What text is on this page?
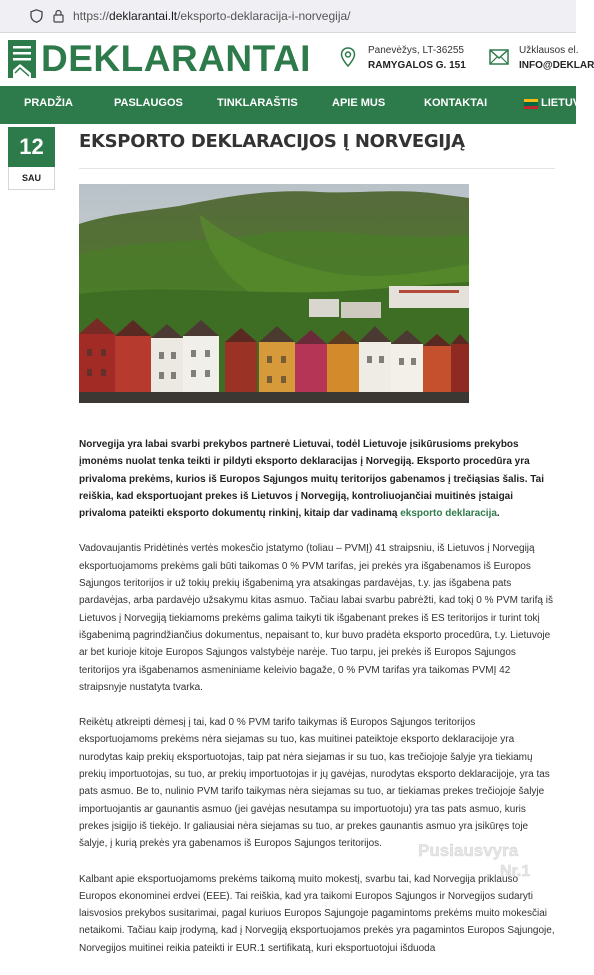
https://deklarantai.lt/eksporto-deklaracija-i-norvegija/
DEKLARANTAI	Panevėžys, LT-36255
RAMYGALOS G. 151
Užklausos el.
INFO@DEKLAR
PRADŽIA	PASLAUGOS	TINKLARAŠTIS	APIE MUS	KONTAKTAI	LIETUV
12
SAU
EKSPORTO DEKLARACIJOS Į NORVEGIJĄ

Norvegija yra labai svarbi prekybos partnerė Lietuvai, todėl Lietuvoje įsikūrusioms prekybos įmonėms nuolat tenka teikti ir pildyti eksporto deklaracijas į Norvegiją. Eksporto procedūra yra privaloma prekėms, kurios iš Europos Sąjungos muitų teritorijos gabenamos į trečiąsias šalis. Tai reiškia, kad eksportuojant prekes iš Lietuvos į Norvegiją, kontroliuojančiai muitinės įstaigai privaloma pateikti eksporto dokumentų rinkinį, kitaip dar vadinamą eksporto deklaracija.

Vadovaujantis Pridėtinės vertės mokesčio įstatymo (toliau – PVMĮ) 41 straipsniu, iš Lietuvos į Norvegiją eksportuojamoms prekėms gali būti taikomas 0 % PVM tarifas, jei prekės yra išgabenamos iš Europos Sąjungos teritorijos ir už tokių prekių išgabenimą yra atsakingas pardavėjas, t.y. jas išgabena pats pardavėjas, arba pardavėjo užsakymu kitas asmuo. Tačiau labai svarbu pabrėžti, kad tokį 0 % PVM tarifą iš Lietuvos į Norvegiją tiekiamoms prekėms galima taikyti tik išgabenant prekes iš ES teritorijos ir turint tokį išgabenimą pagrindžiančius dokumentus, nepaisant to, kur buvo pradėta eksporto procedūra, t.y. Lietuvoje ar bet kurioje kitoje Europos Sąjungos valstybėje narėje. Tuo tarpu, jei prekės iš Europos Sąjungos teritorijos yra išgabenamos asmeniniame keleivio bagaže, 0 % PVM tarifas yra taikomas PVMĮ 42 straipsnyje nustatyta tvarka.

Reikėtų atkreipti dėmesį į tai, kad 0 % PVM tarifo taikymas iš Europos Sąjungos teritorijos eksportuojamoms prekėms nėra siejamas su tuo, kas muitinei pateiktoje eksporto deklaracijoje yra nurodytas kaip prekių eksportuotojas, taip pat nėra siejamas ir su tuo, kas trečiojoje šalyje yra tiekiamų prekių importuotojas, su tuo, ar prekių importuotojas ir jų gavėjas, nurodytas eksporto deklaracijoje, yra tas pats asmuo. Be to, nulinio PVM tarifo taikymas nėra siejamas su tuo, ar tiekiamas prekes trečiojoje šalyje importuojantis ar gaunantis asmuo (jei gavėjas nesutampa su importuotoju) yra tas pats asmuo, kuris prekes įsigijo iš tiekėjo. Ir galiausiai nėra siejamas su tuo, ar prekes gaunantis asmuo yra įsikūręs toje šalyje, į kurią prekės yra gabenamos iš Europos Sąjungos teritorijos.

Kalbant apie eksportuojamoms prekėms taikomą muito mokestį, svarbu tai, kad Norvegija priklauso Europos ekonominei erdvei (EEE). Tai reiškia, kad yra taikomi Europos Sąjungos ir Norvegijos sudaryti laisvosios prekybos susitarimai, pagal kuriuos Europos Sąjungoje pagamintoms prekėms muito mokesčiai netaikomi. Tačiau kaip įrodymą, kad į Norvegiją eksportuojamos prekės yra pagamintos Europos Sąjungoje, Norvegijos muitinei reikia pateikti ir EUR.1 sertifikatą, kuri eksportuotojui išduoda

Pusiausvyra
Nr.1
